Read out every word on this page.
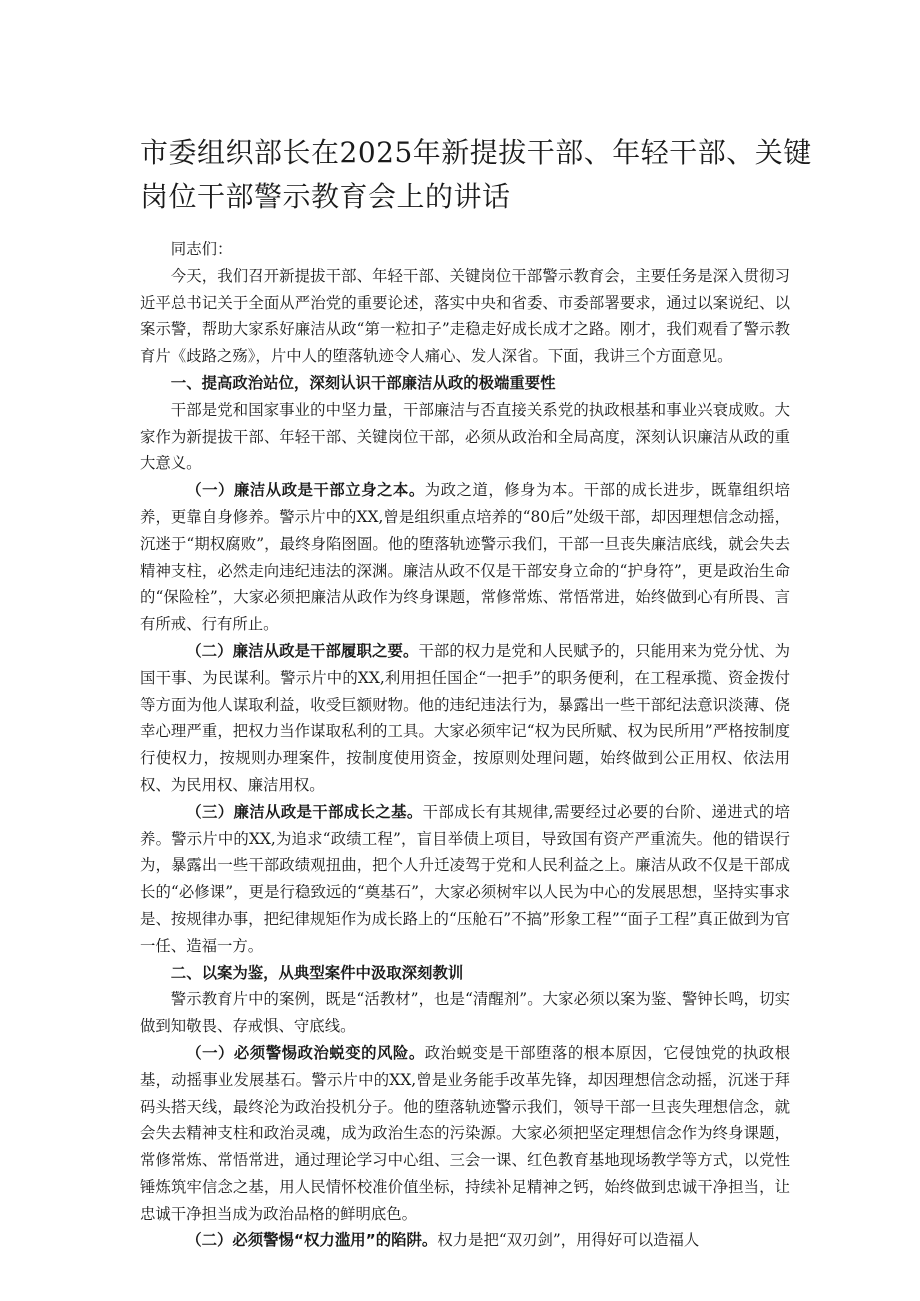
市委组织部长在2025年新提拔干部、年轻干部、关键岗位干部警示教育会上的讲话

同志们：

今天，我们召开新提拔干部、年轻干部、关键岗位干部警示教育会，主要任务是深入贯彻习近平总书记关于全面从严治党的重要论述，落实中央和省委、市委部署要求，通过以案说纪、以案示警，帮助大家系好廉洁从政“第一粒扣子”走稳走好成长成才之路。刚才，我们观看了警示教育片《歧路之殇》，片中人的堕落轨迹令人痛心、发人深省。下面，我讲三个方面意见。

一、提高政治站位，深刻认识干部廉洁从政的极端重要性

干部是党和国家事业的中坚力量，干部廉洁与否直接关系党的执政根基和事业兴衰成败。大家作为新提拔干部、年轻干部、关键岗位干部，必须从政治和全局高度，深刻认识廉洁从政的重大意义。

（一）廉洁从政是干部立身之本。为政之道，修身为本。干部的成长进步，既靠组织培养，更靠自身修养。警示片中的XX,曾是组织重点培养的“80后”处级干部，却因理想信念动摇，沉迷于“期权腐败”，最终身陷囹圄。他的堕落轨迹警示我们，干部一旦丧失廉洁底线，就会失去精神支柱，必然走向违纪违法的深渊。廉洁从政不仅是干部安身立命的“护身符”，更是政治生命的“保险栓”，大家必须把廉洁从政作为终身课题，常修常炼、常悟常进，始终做到心有所畏、言有所戒、行有所止。

（二）廉洁从政是干部履职之要。干部的权力是党和人民赋予的，只能用来为党分忧、为国干事、为民谋利。警示片中的XX,利用担任国企“一把手”的职务便利，在工程承揽、资金拨付等方面为他人谋取利益，收受巨额财物。他的违纪违法行为，暴露出一些干部纪法意识淡薄、侥幸心理严重，把权力当作谋取私利的工具。大家必须牢记“权为民所赋、权为民所用”严格按制度行使权力，按规则办理案件，按制度使用资金，按原则处理问题，始终做到公正用权、依法用权、为民用权、廉洁用权。

（三）廉洁从政是干部成长之基。干部成长有其规律,需要经过必要的台阶、递进式的培养。警示片中的XX,为追求“政绩工程”，盲目举债上项目，导致国有资产严重流失。他的错误行为，暴露出一些干部政绩观扭曲，把个人升迁凌驾于党和人民利益之上。廉洁从政不仅是干部成长的“必修课”，更是行稳致远的“奠基石”，大家必须树牢以人民为中心的发展思想，坚持实事求是、按规律办事，把纪律规矩作为成长路上的“压舱石”不搞”形象工程”“面子工程”真正做到为官一任、造福一方。

二、以案为鉴，从典型案件中汲取深刻教训

警示教育片中的案例，既是“活教材”，也是“清醒剂”。大家必须以案为鉴、警钟长鸣，切实做到知敬畏、存戒惧、守底线。

（一）必须警惕政治蜕变的风险。政治蜕变是干部堕落的根本原因，它侵蚀党的执政根基，动摇事业发展基石。警示片中的XX,曾是业务能手改革先锋，却因理想信念动摇，沉迷于拜码头搭天线，最终沦为政治投机分子。他的堕落轨迹警示我们，领导干部一旦丧失理想信念，就会失去精神支柱和政治灵魂，成为政治生态的污染源。大家必须把坚定理想信念作为终身课题，常修常炼、常悟常进，通过理论学习中心组、三会一课、红色教育基地现场教学等方式，以党性锤炼筑牢信念之基，用人民情怀校准价值坐标，持续补足精神之钙，始终做到忠诚干净担当，让忠诚干净担当成为政治品格的鲜明底色。

（二）必须警惕“权力滥用”的陷阱。权力是把“双刃剑”，用得好可以造福人
